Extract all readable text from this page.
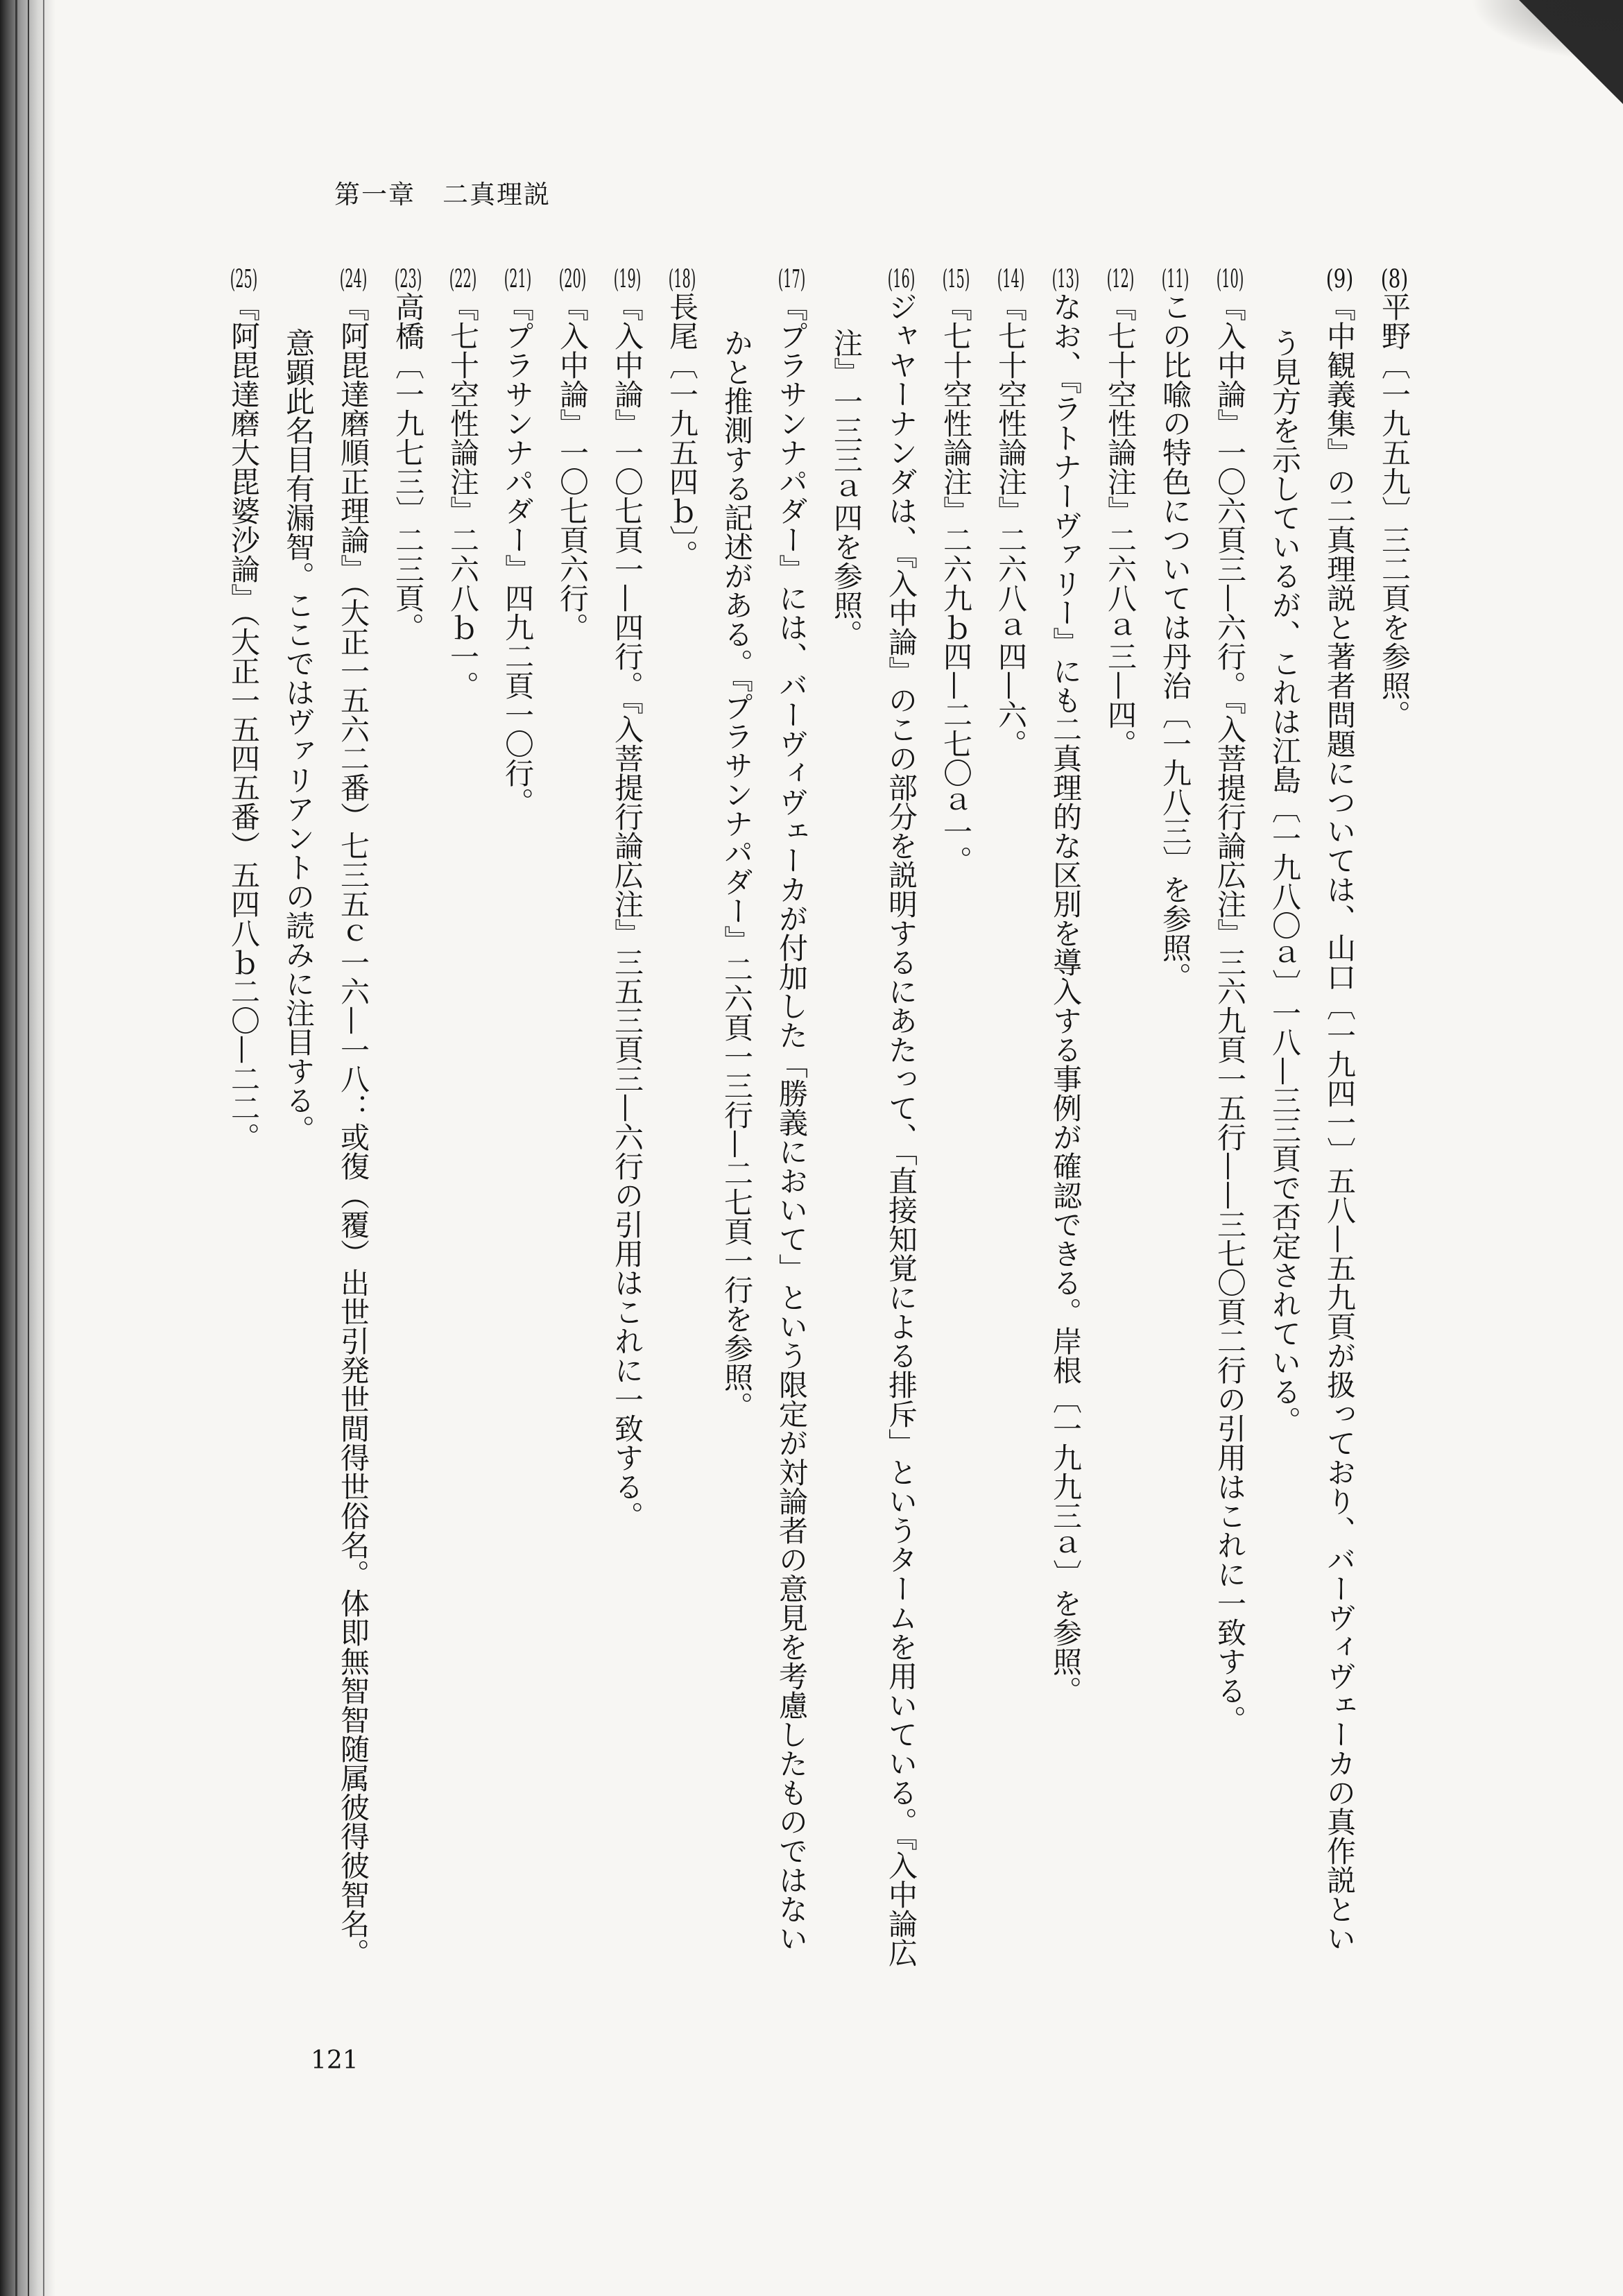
第一章　二真理説

(8)平野〔一九五九〕三二頁を参照。

(9)『中観義集』の二真理説と著者問題については、山口〔一九四一〕五八—五九頁が扱っており、バーヴィヴェーカの真作説という見方を示しているが、これは江島〔一九八〇ａ〕一八—三三頁で否定されている。

(10)『入中論』一〇六頁三—六行。『入菩提行論広注』三六九頁一五行——三七〇頁二行の引用はこれに一致する。

(11)この比喩の特色については丹治〔一九八三〕を参照。

(12)『七十空性論注』二六八ａ三—四。

(13)なお、『ラトナーヴァリー』にも二真理的な区別を導入する事例が確認できる。岸根〔一九九三ａ〕を参照。

(14)『七十空性論注』二六八ａ四—六。

(15)『七十空性論注』二六九ｂ四—二七〇ａ一。

(16)ジャヤーナンダは、『入中論』のこの部分を説明するにあたって、「直接知覚による排斥」というタームを用いている。『入中論広注』一三三ａ四を参照。

(17)『プラサンナパダー』には、バーヴィヴェーカが付加した「勝義において」という限定が対論者の意見を考慮したものではないかと推測する記述がある。『プラサンナパダー』二六頁一三行—二七頁一行を参照。

(18)長尾〔一九五四ｂ〕。

(19)『入中論』一〇七頁一—四行。『入菩提行論広注』三五三頁三—六行の引用はこれに一致する。

(20)『入中論』一〇七頁六行。

(21)『プラサンナパダー』四九二頁一〇行。

(22)『七十空性論注』二六八ｂ一。

(23)高橋〔一九七三〕二三頁。

(24)『阿毘達磨順正理論』（大正一五六二番）七三五ｃ一六—一八：或復（覆）出世引発世間得世俗名。体即無智智随属彼得彼智名。意顕此名目有漏智。ここではヴァリアントの読みに注目する。

(25)『阿毘達磨大毘婆沙論』（大正一五四五番）五四八ｂ二〇—二二。

121
